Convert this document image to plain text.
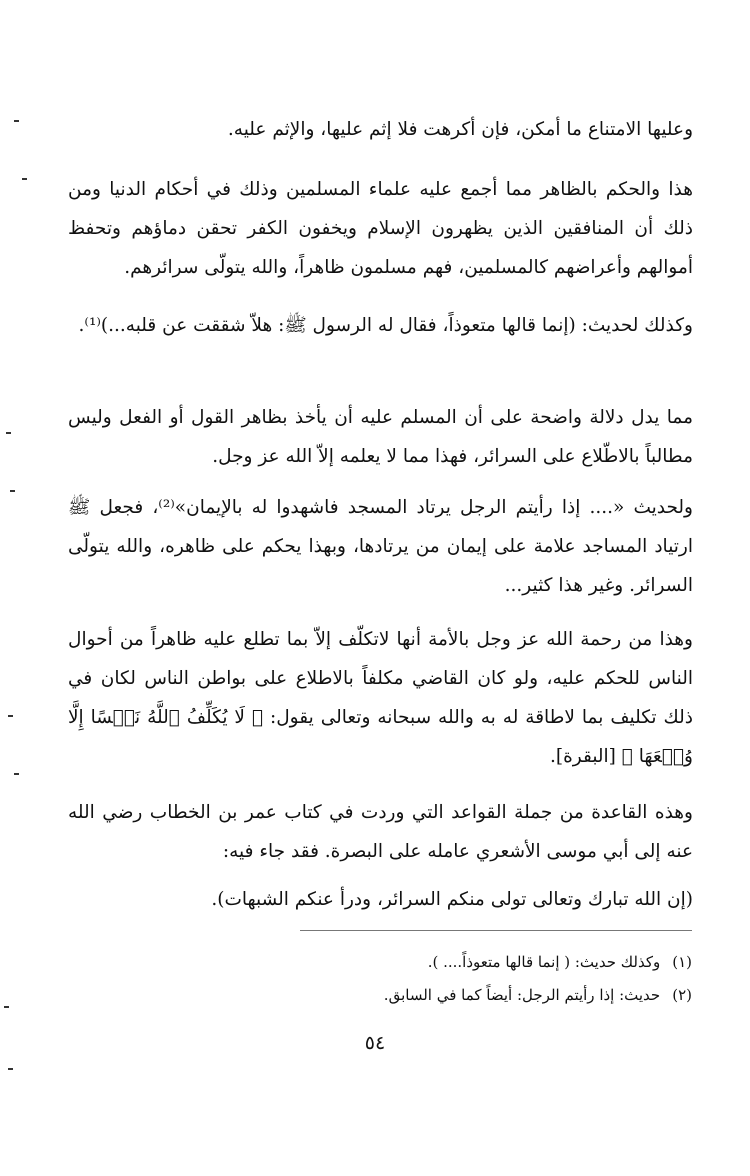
وعليها الامتناع ما أمكن، فإن أكرهت فلا إثم عليها، والإثم عليه.

هذا والحكم بالظاهر مما أجمع عليه علماء المسلمين وذلك في أحكام الدنيا ومن ذلك أن المنافقين الذين يظهرون الإسلام ويخفون الكفر تحقن دماؤهم وتحفظ أموالهم وأعراضهم كالمسلمين، فهم مسلمون ظاهراً، والله يتولّى سرائرهم.

وكذلك لحديث: (إنما قالها متعوذاً، فقال له الرسول ﷺ: هلاّ شققت عن قلبه...)⁽¹⁾.

مما يدل دلالة واضحة على أن المسلم عليه أن يأخذ بظاهر القول أو الفعل وليس مطالباً بالاطّلاع على السرائر، فهذا مما لا يعلمه إلاّ الله عز وجل.

ولحديث «.... إذا رأيتم الرجل يرتاد المسجد فاشهدوا له بالإيمان»⁽²⁾، فجعل ﷺ ارتياد المساجد علامة على إيمان من يرتادها، وبهذا يحكم على ظاهره، والله يتولّى السرائر. وغير هذا كثير...

وهذا من رحمة الله عز وجل بالأمة أنها لاتكلّف إلاّ بما تطلع عليه ظاهراً من أحوال الناس للحكم عليه، ولو كان القاضي مكلفاً بالاطلاع على بواطن الناس لكان في ذلك تكليف بما لاطاقة له به والله سبحانه وتعالى يقول: ﴿ لَا يُكَلِّفُ ٱللَّهُ نَفۡسًا إِلَّا وُسۡعَهَا ﴾ [البقرة].

وهذه القاعدة من جملة القواعد التي وردت في كتاب عمر بن الخطاب رضي الله عنه إلى أبي موسى الأشعري عامله على البصرة. فقد جاء فيه:

(إن الله تبارك وتعالى تولى منكم السرائر، ودرأ عنكم الشبهات).

(١)وكذلك حديث: ( إنما قالها متعوذاً.... ).
(٢)حديث: إذا رأيتم الرجل: أيضاً كما في السابق.
٥٤
